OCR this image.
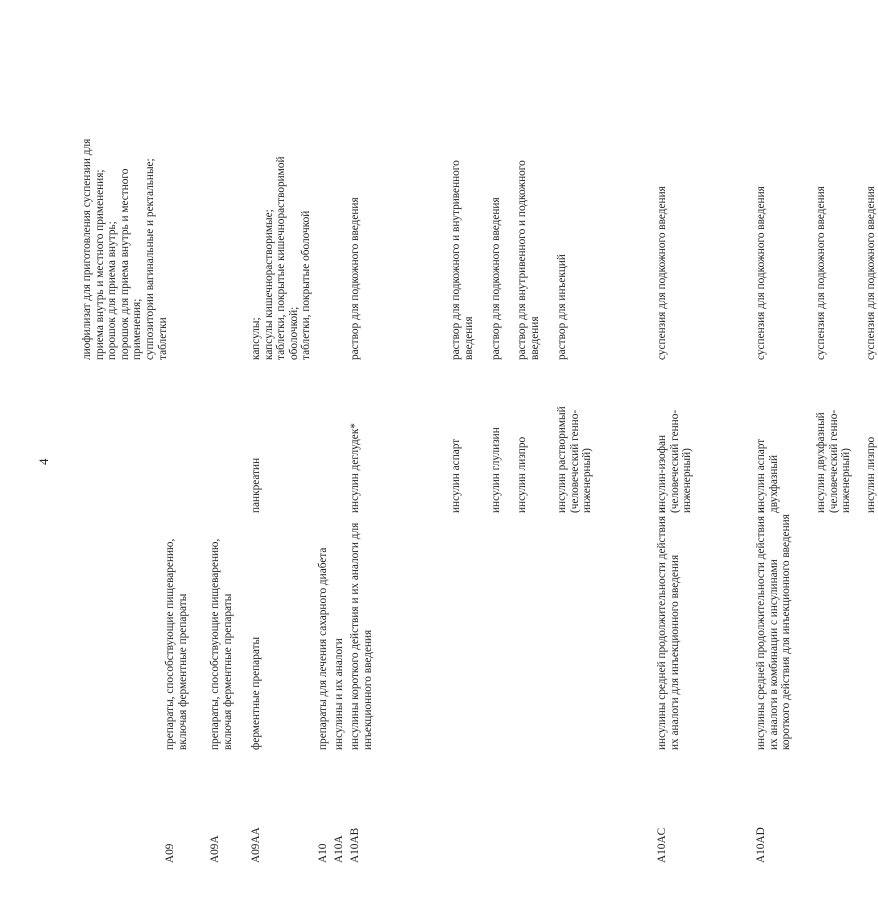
4
лиофилизат для приготовления суспензии для приема внутрь и местного применения; порошок для приема внутрь; порошок для приема внутрь и местного применения; суппозитории вагинальные и ректальные; таблетки
A09
препараты, способствующие пищеварению, включая ферментные препараты
A09A
препараты, способствующие пищеварению, включая ферментные препараты
A09AA
ферментные препараты
панкреатин
капсулы; капсулы кишечнорастворимые; таблетки, покрытые кишечнорастворимой оболочкой; таблетки, покрытые оболочкой
A10
препараты для лечения сахарного диабета
A10A
инсулины и их аналоги
A10AB
инсулины короткого действия и их аналоги для инъекционного введения
инсулин деглудек*
раствор для подкожного введения
инсулин аспарт
раствор для подкожного и внутривенного введения
инсулин глулизин
раствор для подкожного введения
инсулин лизпро
раствор для внутривенного и подкожного введения
инсулин растворимый (человеческий генно- инженерный)
раствор для инъекций
A10AC
инсулины средней продолжительности действия и их аналоги для инъекционного введения
инсулин-изофан (человеческий генно- инженерный)
суспензия для подкожного введения
A10AD
инсулины средней продолжительности действия и их аналоги в комбинации с инсулинами короткого действия для инъекционного введения
инсулин аспарт двухфазный
суспензия для подкожного введения
инсулин двухфазный (человеческий генно- инженерный)
суспензия для подкожного введения
инсулин лизпро
суспензия для подкожного введения
